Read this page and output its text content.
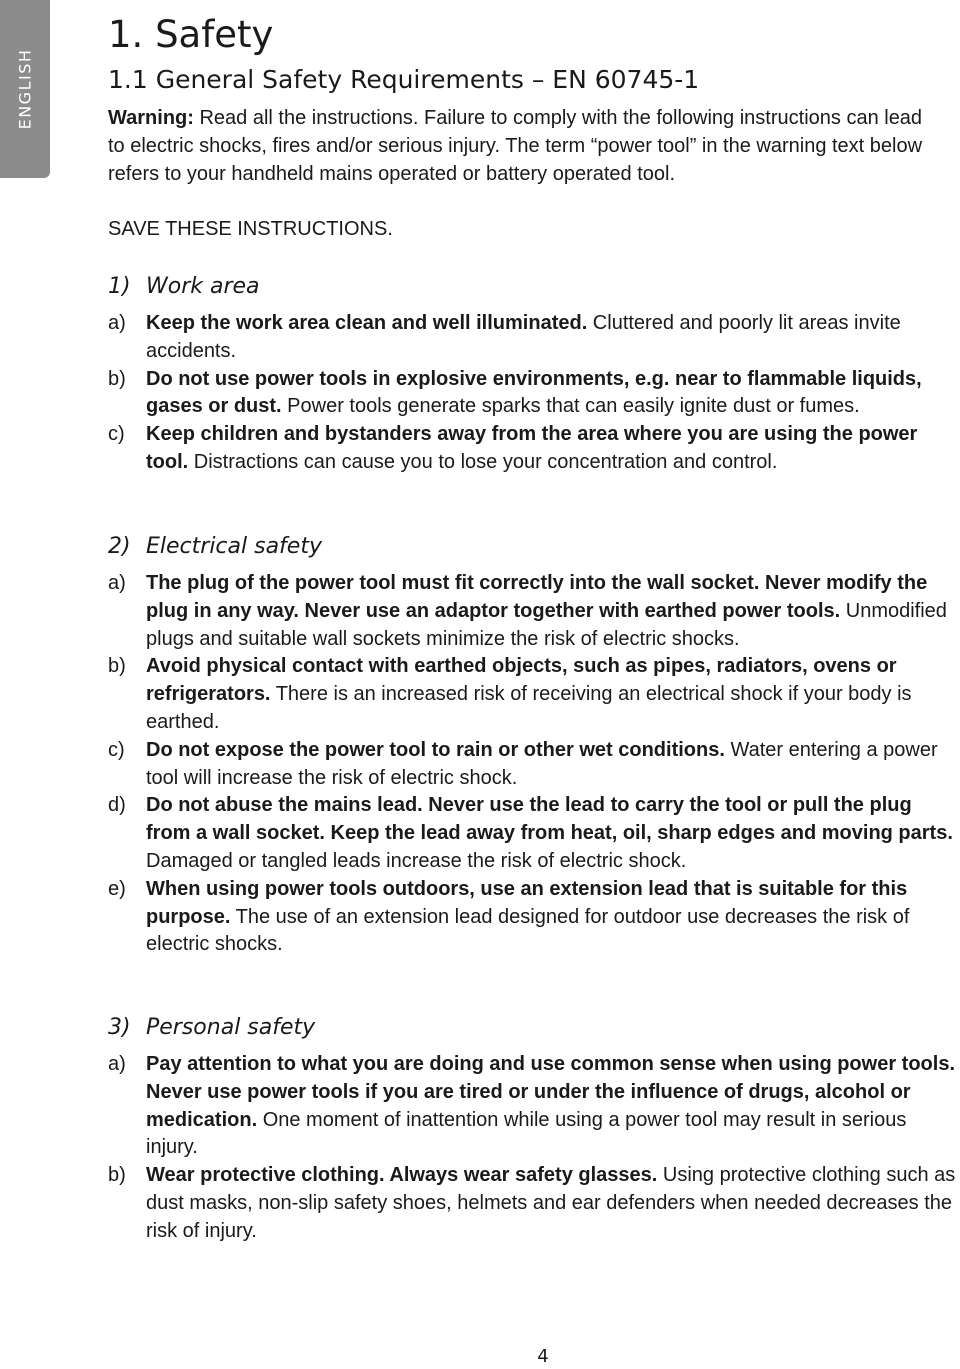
ENGLISH
1. Safety
1.1 General Safety Requirements – EN 60745-1

Warning: Read all the instructions. Failure to comply with the following instructions can lead to electric shocks, fires and/or serious injury. The term “power tool” in the warning text below refers to your handheld mains operated or battery operated tool.

SAVE THESE INSTRUCTIONS.

1) Work area
a) Keep the work area clean and well illuminated. Cluttered and poorly lit areas invite accidents.
b) Do not use power tools in explosive environments, e.g. near to flammable liquids, gases or dust. Power tools generate sparks that can easily ignite dust or fumes.
c) Keep children and bystanders away from the area where you are using the power tool. Distractions can cause you to lose your concentration and control.
2) Electrical safety
a) The plug of the power tool must fit correctly into the wall socket. Never modify the plug in any way. Never use an adaptor together with earthed power tools. Unmodified plugs and suitable wall sockets minimize the risk of electric shocks.
b) Avoid physical contact with earthed objects, such as pipes, radiators, ovens or refrigerators. There is an increased risk of receiving an electrical shock if your body is earthed.
c) Do not expose the power tool to rain or other wet conditions. Water entering a power tool will increase the risk of electric shock.
d) Do not abuse the mains lead. Never use the lead to carry the tool or pull the plug from a wall socket. Keep the lead away from heat, oil, sharp edges and moving parts. Damaged or tangled leads increase the risk of electric shock.
e) When using power tools outdoors, use an extension lead that is suitable for this purpose. The use of an extension lead designed for outdoor use decreases the risk of electric shocks.
3) Personal safety
a) Pay attention to what you are doing and use common sense when using power tools. Never use power tools if you are tired or under the influence of drugs, alcohol or medication. One moment of inattention while using a power tool may result in serious injury.
b) Wear protective clothing. Always wear safety glasses. Using protective clothing such as dust masks, non-slip safety shoes, helmets and ear defenders when needed decreases the risk of injury.
4
